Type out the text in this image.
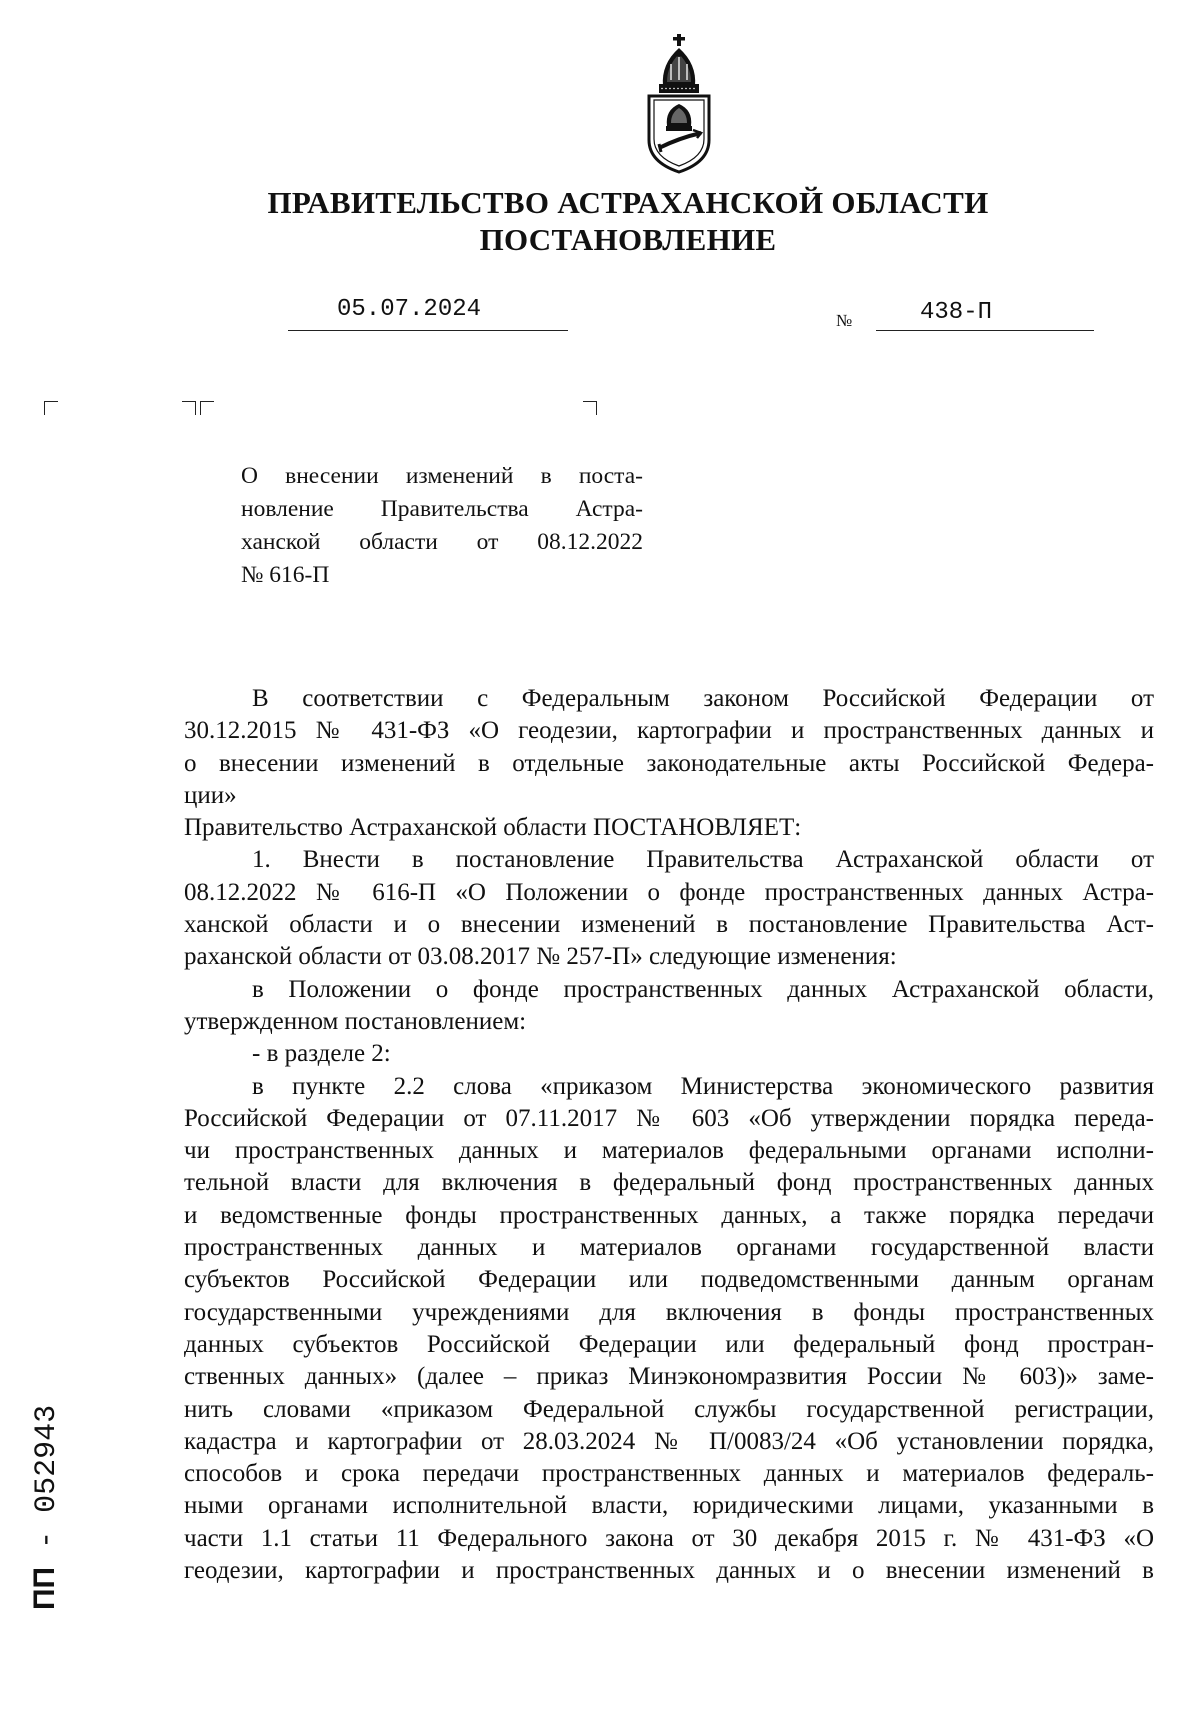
ПРАВИТЕЛЬСТВО АСТРАХАНСКОЙ ОБЛАСТИ
ПОСТАНОВЛЕНИЕ
05.07.2024	№	438-П
О внесении изменений в поста-
новление Правительства Астра-
ханской области от 08.12.2022
№ 616-П
В соответствии с Федеральным законом Российской Федерации от
30.12.2015 № 431-ФЗ «О геодезии, картографии и пространственных данных и
о внесении изменений в отдельные законодательные акты Российской Федера-
ции»
Правительство Астраханской области ПОСТАНОВЛЯЕТ:
1. Внести в постановление Правительства Астраханской области от
08.12.2022 № 616-П «О Положении о фонде пространственных данных Астра-
ханской области и о внесении изменений в постановление Правительства Аст-
раханской области от 03.08.2017 № 257-П» следующие изменения:
в Положении о фонде пространственных данных Астраханской области,
утвержденном постановлением:
- в разделе 2:
в пункте 2.2 слова «приказом Министерства экономического развития
Российской Федерации от 07.11.2017 № 603 «Об утверждении порядка переда-
чи пространственных данных и материалов федеральными органами исполни-
тельной власти для включения в федеральный фонд пространственных данных
и ведомственные фонды пространственных данных, а также порядка передачи
пространственных данных и материалов органами государственной власти
субъектов Российской Федерации или подведомственными данным органам
государственными учреждениями для включения в фонды пространственных
данных субъектов Российской Федерации или федеральный фонд простран-
ственных данных» (далее – приказ Минэкономразвития России № 603)» заме-
нить словами «приказом Федеральной службы государственной регистрации,
кадастра и картографии от 28.03.2024 № П/0083/24 «Об установлении порядка,
способов и срока передачи пространственных данных и материалов федераль-
ными органами исполнительной власти, юридическими лицами, указанными в
части 1.1 статьи 11 Федерального закона от 30 декабря 2015 г. № 431-ФЗ «О
геодезии, картографии и пространственных данных и о внесении изменений в
ПП - 052943
